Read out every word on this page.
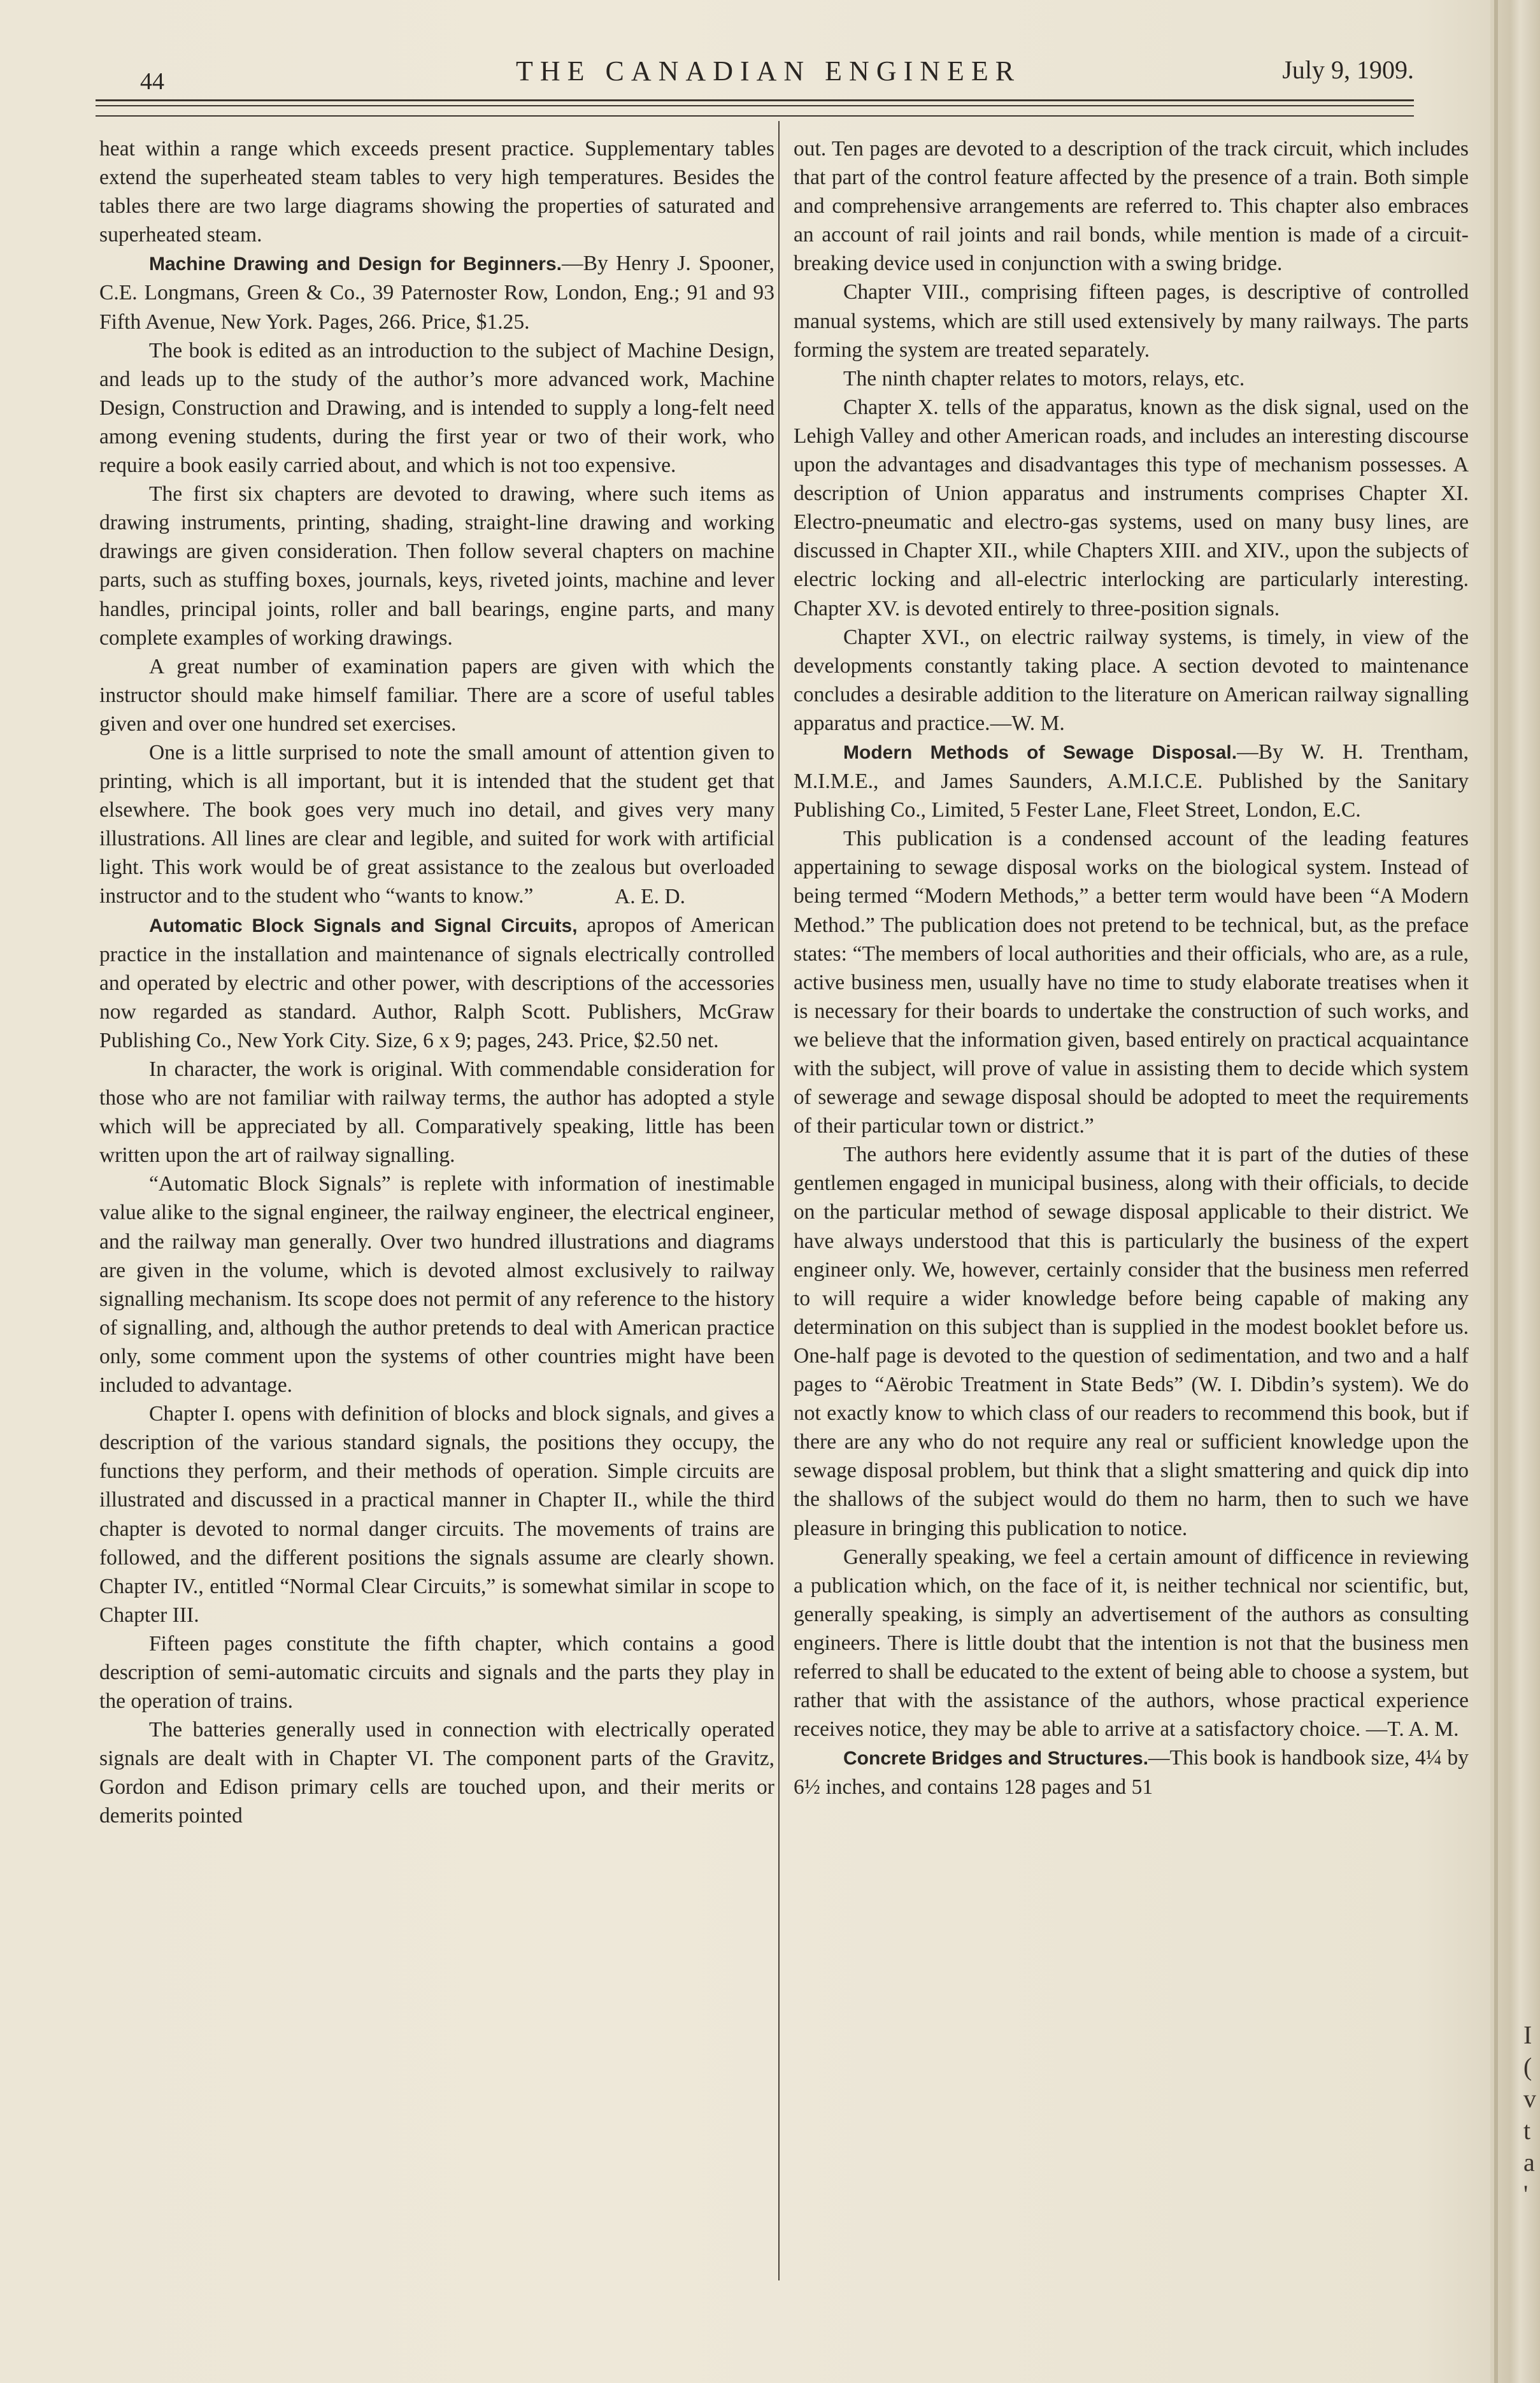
I
(
v
t
a
'
44	THE CANADIAN ENGINEER	July 9, 1909.

heat within a range which exceeds present practice. Supplementary tables extend the superheated steam tables to very high temperatures. Besides the tables there are two large diagrams showing the properties of saturated and superheated steam.

Machine Drawing and Design for Beginners.—By Henry J. Spooner, C.E. Longmans, Green & Co., 39 Paternoster Row, London, Eng.; 91 and 93 Fifth Avenue, New York. Pages, 266. Price, $1.25.

The book is edited as an introduction to the subject of Machine Design, and leads up to the study of the author’s more advanced work, Machine Design, Construction and Drawing, and is intended to supply a long-felt need among evening students, during the first year or two of their work, who require a book easily carried about, and which is not too expensive.

The first six chapters are devoted to drawing, where such items as drawing instruments, printing, shading, straight-line drawing and working drawings are given consideration. Then follow several chapters on machine parts, such as stuffing boxes, journals, keys, riveted joints, machine and lever handles, principal joints, roller and ball bearings, engine parts, and many complete examples of working drawings.

A great number of examination papers are given with which the instructor should make himself familiar. There are a score of useful tables given and over one hundred set exercises.

One is a little surprised to note the small amount of attention given to printing, which is all important, but it is intended that the student get that elsewhere. The book goes very much ino detail, and gives very many illustrations. All lines are clear and legible, and suited for work with artificial light. This work would be of great assistance to the zealous but overloaded instructor and to the student who “wants to know.”	A. E. D.

Automatic Block Signals and Signal Circuits, apropos of American practice in the installation and maintenance of signals electrically controlled and operated by electric and other power, with descriptions of the accessories now regarded as standard. Author, Ralph Scott. Publishers, McGraw Publishing Co., New York City. Size, 6 x 9; pages, 243. Price, $2.50 net.

In character, the work is original. With commendable consideration for those who are not familiar with railway terms, the author has adopted a style which will be appreciated by all. Comparatively speaking, little has been written upon the art of railway signalling.

“Automatic Block Signals” is replete with information of inestimable value alike to the signal engineer, the railway engineer, the electrical engineer, and the railway man generally. Over two hundred illustrations and diagrams are given in the volume, which is devoted almost exclusively to railway signalling mechanism. Its scope does not permit of any reference to the history of signalling, and, although the author pretends to deal with American practice only, some comment upon the systems of other countries might have been included to advantage.

Chapter I. opens with definition of blocks and block signals, and gives a description of the various standard signals, the positions they occupy, the functions they perform, and their methods of operation. Simple circuits are illustrated and discussed in a practical manner in Chapter II., while the third chapter is devoted to normal danger circuits. The movements of trains are followed, and the different positions the signals assume are clearly shown. Chapter IV., entitled “Normal Clear Circuits,” is somewhat similar in scope to Chapter III.

Fifteen pages constitute the fifth chapter, which contains a good description of semi-automatic circuits and signals and the parts they play in the operation of trains.

The batteries generally used in connection with electrically operated signals are dealt with in Chapter VI. The component parts of the Gravitz, Gordon and Edison primary cells are touched upon, and their merits or demerits pointed

out. Ten pages are devoted to a description of the track circuit, which includes that part of the control feature affected by the presence of a train. Both simple and comprehensive arrangements are referred to. This chapter also embraces an account of rail joints and rail bonds, while mention is made of a circuit-breaking device used in conjunction with a swing bridge.

Chapter VIII., comprising fifteen pages, is descriptive of controlled manual systems, which are still used extensively by many railways. The parts forming the system are treated separately.

The ninth chapter relates to motors, relays, etc.

Chapter X. tells of the apparatus, known as the disk signal, used on the Lehigh Valley and other American roads, and includes an interesting discourse upon the advantages and disadvantages this type of mechanism possesses. A description of Union apparatus and instruments comprises Chapter XI. Electro-pneumatic and electro-gas systems, used on many busy lines, are discussed in Chapter XII., while Chapters XIII. and XIV., upon the subjects of electric locking and all-electric interlocking are particularly interesting. Chapter XV. is devoted entirely to three-position signals.

Chapter XVI., on electric railway systems, is timely, in view of the developments constantly taking place. A section devoted to maintenance concludes a desirable addition to the literature on American railway signalling apparatus and practice.—W. M.

Modern Methods of Sewage Disposal.—By W. H. Trentham, M.I.M.E., and James Saunders, A.M.I.C.E. Published by the Sanitary Publishing Co., Limited, 5 Fester Lane, Fleet Street, London, E.C.

This publication is a condensed account of the leading features appertaining to sewage disposal works on the biological system. Instead of being termed “Modern Methods,” a better term would have been “A Modern Method.” The publication does not pretend to be technical, but, as the preface states: “The members of local authorities and their officials, who are, as a rule, active business men, usually have no time to study elaborate treatises when it is necessary for their boards to undertake the construction of such works, and we believe that the information given, based entirely on practical acquaintance with the subject, will prove of value in assisting them to decide which system of sewerage and sewage disposal should be adopted to meet the requirements of their particular town or district.”

The authors here evidently assume that it is part of the duties of these gentlemen engaged in municipal business, along with their officials, to decide on the particular method of sewage disposal applicable to their district. We have always understood that this is particularly the business of the expert engineer only. We, however, certainly consider that the business men referred to will require a wider knowledge before being capable of making any determination on this subject than is supplied in the modest booklet before us. One-half page is devoted to the question of sedimentation, and two and a half pages to “Aërobic Treatment in State Beds” (W. I. Dibdin’s system). We do not exactly know to which class of our readers to recommend this book, but if there are any who do not require any real or sufficient knowledge upon the sewage disposal problem, but think that a slight smattering and quick dip into the shallows of the subject would do them no harm, then to such we have pleasure in bringing this publication to notice.

Generally speaking, we feel a certain amount of difficence in reviewing a publication which, on the face of it, is neither technical nor scientific, but, generally speaking, is simply an advertisement of the authors as consulting engineers. There is little doubt that the intention is not that the business men referred to shall be educated to the extent of being able to choose a system, but rather that with the assistance of the authors, whose practical experience receives notice, they may be able to arrive at a satisfactory choice. —T. A. M.

Concrete Bridges and Structures.—This book is handbook size, 4¼ by 6½ inches, and contains 128 pages and 51
